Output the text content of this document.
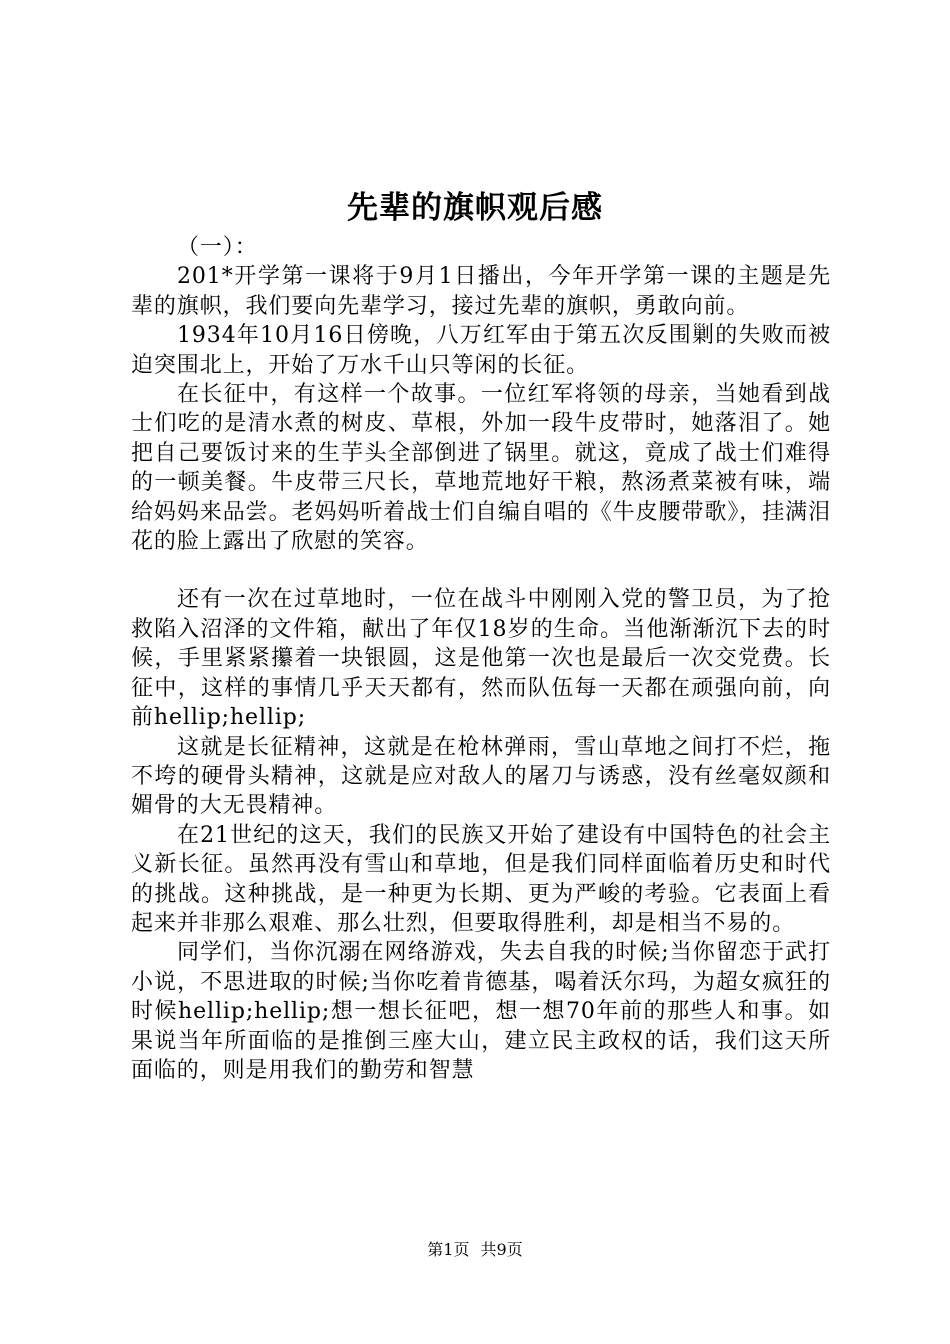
先辈的旗帜观后感

（一）：

201*开学第一课将于9月1日播出，今年开学第一课的主题是先辈的旗帜，我们要向先辈学习，接过先辈的旗帜，勇敢向前。

1934年10月16日傍晚，八万红军由于第五次反围剿的失败而被迫突围北上，开始了万水千山只等闲的长征。

在长征中，有这样一个故事。一位红军将领的母亲，当她看到战士们吃的是清水煮的树皮、草根，外加一段牛皮带时，她落泪了。她把自己要饭讨来的生芋头全部倒进了锅里。就这，竟成了战士们难得的一顿美餐。牛皮带三尺长，草地荒地好干粮，熬汤煮菜被有味，端给妈妈来品尝。老妈妈听着战士们自编自唱的《牛皮腰带歌》，挂满泪花的脸上露出了欣慰的笑容。

还有一次在过草地时，一位在战斗中刚刚入党的警卫员，为了抢救陷入沼泽的文件箱，献出了年仅18岁的生命。当他渐渐沉下去的时候，手里紧紧攥着一块银圆，这是他第一次也是最后一次交党费。长征中，这样的事情几乎天天都有，然而队伍每一天都在顽强向前，向前hellip;hellip;

这就是长征精神，这就是在枪林弹雨，雪山草地之间打不烂，拖不垮的硬骨头精神，这就是应对敌人的屠刀与诱惑，没有丝毫奴颜和媚骨的大无畏精神。

在21世纪的这天，我们的民族又开始了建设有中国特色的社会主义新长征。虽然再没有雪山和草地，但是我们同样面临着历史和时代的挑战。这种挑战，是一种更为长期、更为严峻的考验。它表面上看起来并非那么艰难、那么壮烈，但要取得胜利，却是相当不易的。

同学们，当你沉溺在网络游戏，失去自我的时候;当你留恋于武打小说，不思进取的时候;当你吃着肯德基，喝着沃尔玛，为超女疯狂的时候hellip;hellip;想一想长征吧，想一想70年前的那些人和事。如果说当年所面临的是推倒三座大山，建立民主政权的话，我们这天所面临的，则是用我们的勤劳和智慧

第1页 共9页
